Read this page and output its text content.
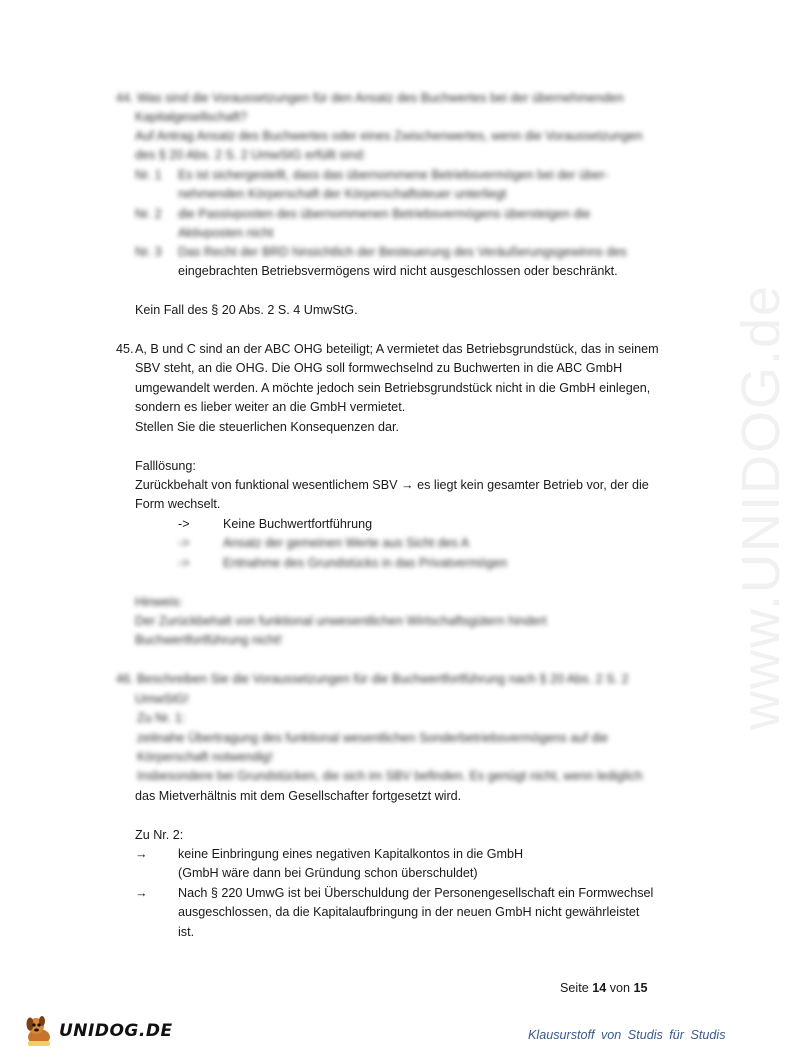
www.UNIDOG.de
44. Was sind die Voraussetzungen für den Ansatz des Buchwertes bei der übernehmenden
Kapitalgesellschaft?
Auf Antrag Ansatz des Buchwertes oder eines Zwischenwertes, wenn die Voraussetzungen
des § 20 Abs. 2 S. 2 UmwStG erfüllt sind:
Nr. 1 Es ist sichergestellt, dass das übernommene Betriebsvermögen bei der über-
nehmenden Körperschaft der Körperschaftsteuer unterliegt
Nr. 2 die Passivposten des übernommenen Betriebsvermögens übersteigen die
Aktivposten nicht
Nr. 3 Das Recht der BRD hinsichtlich der Besteuerung des Veräußerungsgewinns des
eingebrachten Betriebsvermögens wird nicht ausgeschlossen oder beschränkt.
Kein Fall des § 20 Abs. 2 S. 4 UmwStG.
45. A, B und C sind an der ABC OHG beteiligt; A vermietet das Betriebsgrundstück, das in seinem
SBV steht, an die OHG. Die OHG soll formwechselnd zu Buchwerten in die ABC GmbH
umgewandelt werden. A möchte jedoch sein Betriebsgrundstück nicht in die GmbH einlegen,
sondern es lieber weiter an die GmbH vermietet.
Stellen Sie die steuerlichen Konsequenzen dar.
Falllösung:
Zurückbehalt von funktional wesentlichem SBV → es liegt kein gesamter Betrieb vor, der die
Form wechselt.
->	Keine Buchwertfortführung
->	Ansatz der gemeinen Werte aus Sicht des A
->	Entnahme des Grundstücks in das Privatvermögen
Hinweis:
Der Zurückbehalt von funktional unwesentlichen Wirtschaftsgütern hindert
Buchwertfortführung nicht!
46. Beschreiben Sie die Voraussetzungen für die Buchwertfortführung nach § 20 Abs. 2 S. 2
UmwStG!
Zu Nr. 1:
zeitnahe Übertragung des funktional wesentlichen Sonderbetriebsvermögens auf die
Körperschaft notwendig!
Insbesondere bei Grundstücken, die sich im SBV befinden. Es genügt nicht, wenn lediglich
das Mietverhältnis mit dem Gesellschafter fortgesetzt wird.
Zu Nr. 2:
→ keine Einbringung eines negativen Kapitalkontos in die GmbH
(GmbH wäre dann bei Gründung schon überschuldet)
→ Nach § 220 UmwG ist bei Überschuldung der Personengesellschaft ein Formwechsel
ausgeschlossen, da die Kapitalaufbringung in der neuen GmbH nicht gewährleistet
ist.
Seite 14 von 15
UNIDOG.DE	Klausurstoff von Studis für Studis
